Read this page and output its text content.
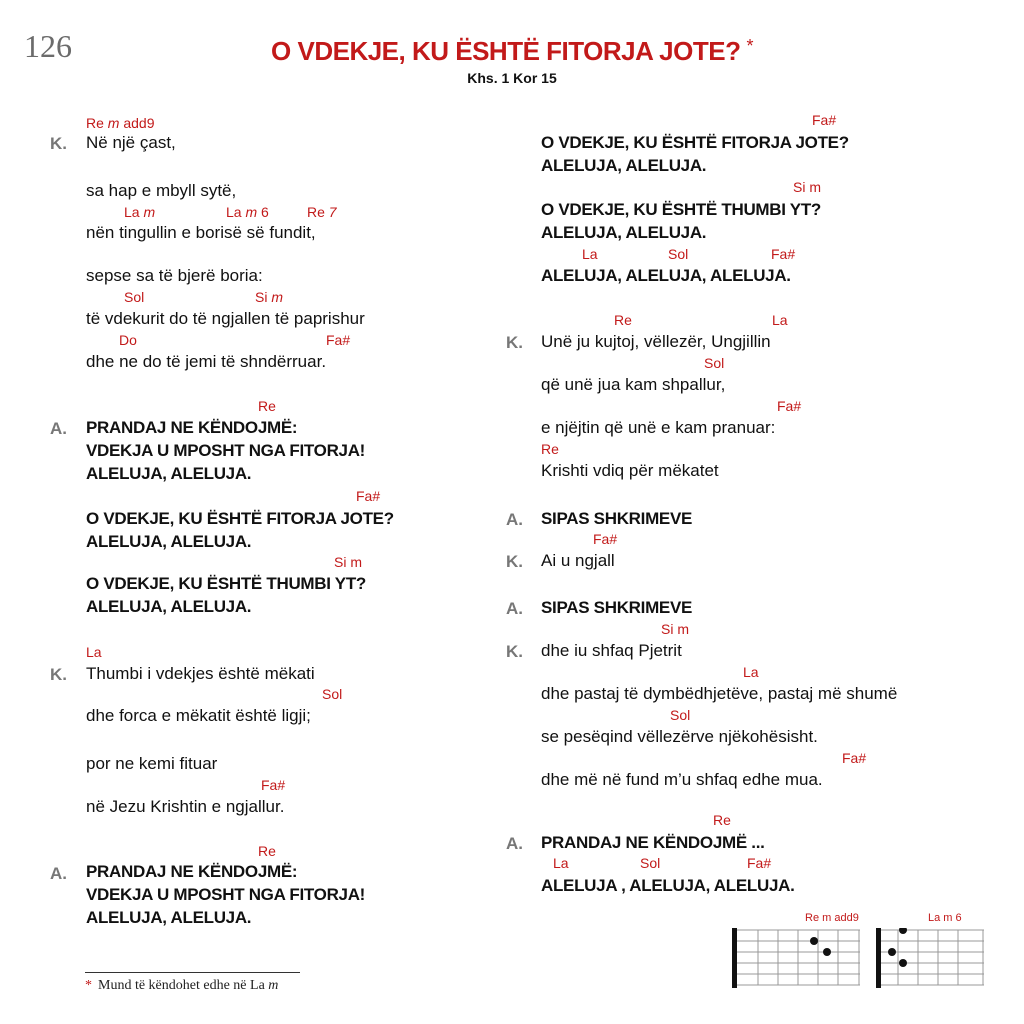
126	O VDEKJE, KU ËSHTË FITORJA JOTE? *
Khs. 1 Kor 15
Re m add9
K. Në një çast,
sa hap e mbyll sytë,
La m	La m 6	Re 7
nën tingullin e borisë së fundit,
sepse sa të bjerë boria:
Sol	Si m
të vdekurit do të ngjallen të paprishur
Do	Fa#
dhe ne do të jemi të shndërruar.
Re
A. PRANDAJ NE KËNDOJMË:
VDEKJA U MPOSHT NGA FITORJA!
ALELUJA, ALELUJA.
Fa#
O VDEKJE, KU ËSHTË FITORJA JOTE?
ALELUJA, ALELUJA.
Si m
O VDEKJE, KU ËSHTË THUMBI YT?
ALELUJA, ALELUJA.
La
K. Thumbi i vdekjes është mëkati
Sol
dhe forca e mëkatit është ligji;
por ne kemi fituar
Fa#
në Jezu Krishtin e ngjallur.
Re
A. PRANDAJ NE KËNDOJMË:
VDEKJA U MPOSHT NGA FITORJA!
ALELUJA, ALELUJA.
Fa#
O VDEKJE, KU ËSHTË FITORJA JOTE?
ALELUJA, ALELUJA.
Si m
O VDEKJE, KU ËSHTË THUMBI YT?
ALELUJA, ALELUJA.
La	Sol	Fa#
ALELUJA, ALELUJA, ALELUJA.
Re	La
K. Unë ju kujtoj, vëllezër, Ungjillin
Sol
që unë jua kam shpallur,
Fa#
e njëjtin që unë e kam pranuar:
Re
Krishti vdiq për mëkatet
A. SIPAS SHKRIMEVE
Fa#
K. Ai u ngjall
A. SIPAS SHKRIMEVE
Si m
K. dhe iu shfaq Pjetrit
La
dhe pastaj të dymbëdhjetëve, pastaj më shumë
Sol
se pesëqind vëllezërve njëkohësisht.
Fa#
dhe më në fund m’u shfaq edhe mua.
Re
A. PRANDAJ NE KËNDOJMË ...
La	Sol	Fa#
ALELUJA , ALELUJA, ALELUJA.
Re m add9	La m 6
* Mund të këndohet edhe në La m
